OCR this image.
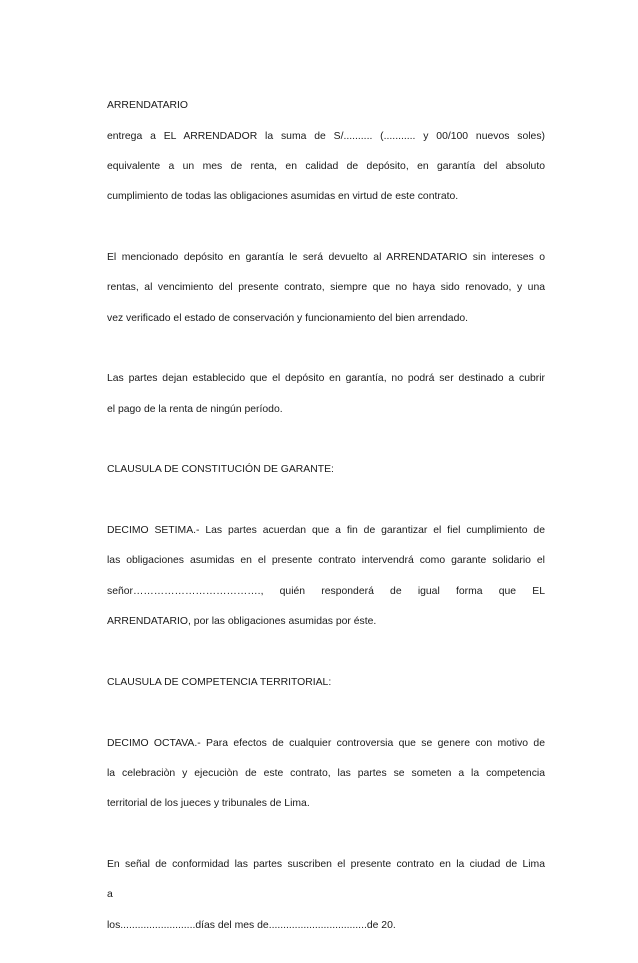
ARRENDATARIO

entrega a EL ARRENDADOR la suma de S/.......... (........... y 00/100 nuevos soles)

equivalente a un mes de renta, en calidad de depósito, en garantía del absoluto

cumplimiento de todas las obligaciones asumidas en virtud de este contrato.

El mencionado depósito en garantía le será devuelto al ARRENDATARIO sin intereses o

rentas, al vencimiento del presente contrato, siempre que no haya sido renovado, y una

vez verificado el estado de conservación y funcionamiento del bien arrendado.

Las partes dejan establecido que el depósito en garantía, no podrá ser destinado a cubrir

el pago de la renta de ningún período.

CLAUSULA DE CONSTITUCIÓN DE GARANTE:

DECIMO SETIMA.- Las partes acuerdan que a fin de garantizar el fiel cumplimiento de

las obligaciones asumidas en el presente contrato intervendrá como garante solidario el

señor………………………………., quién responderá de igual forma que EL

ARRENDATARIO, por las obligaciones asumidas por éste.

CLAUSULA DE COMPETENCIA TERRITORIAL:

DECIMO OCTAVA.- Para efectos de cualquier controversia que se genere con motivo de

la celebraciòn y ejecuciòn de este contrato, las partes se someten a la competencia

territorial de los jueces y tribunales de Lima.

En señal de conformidad las partes suscriben el presente contrato en la ciudad de Lima

a

los..........................días del mes de..................................de 20.
